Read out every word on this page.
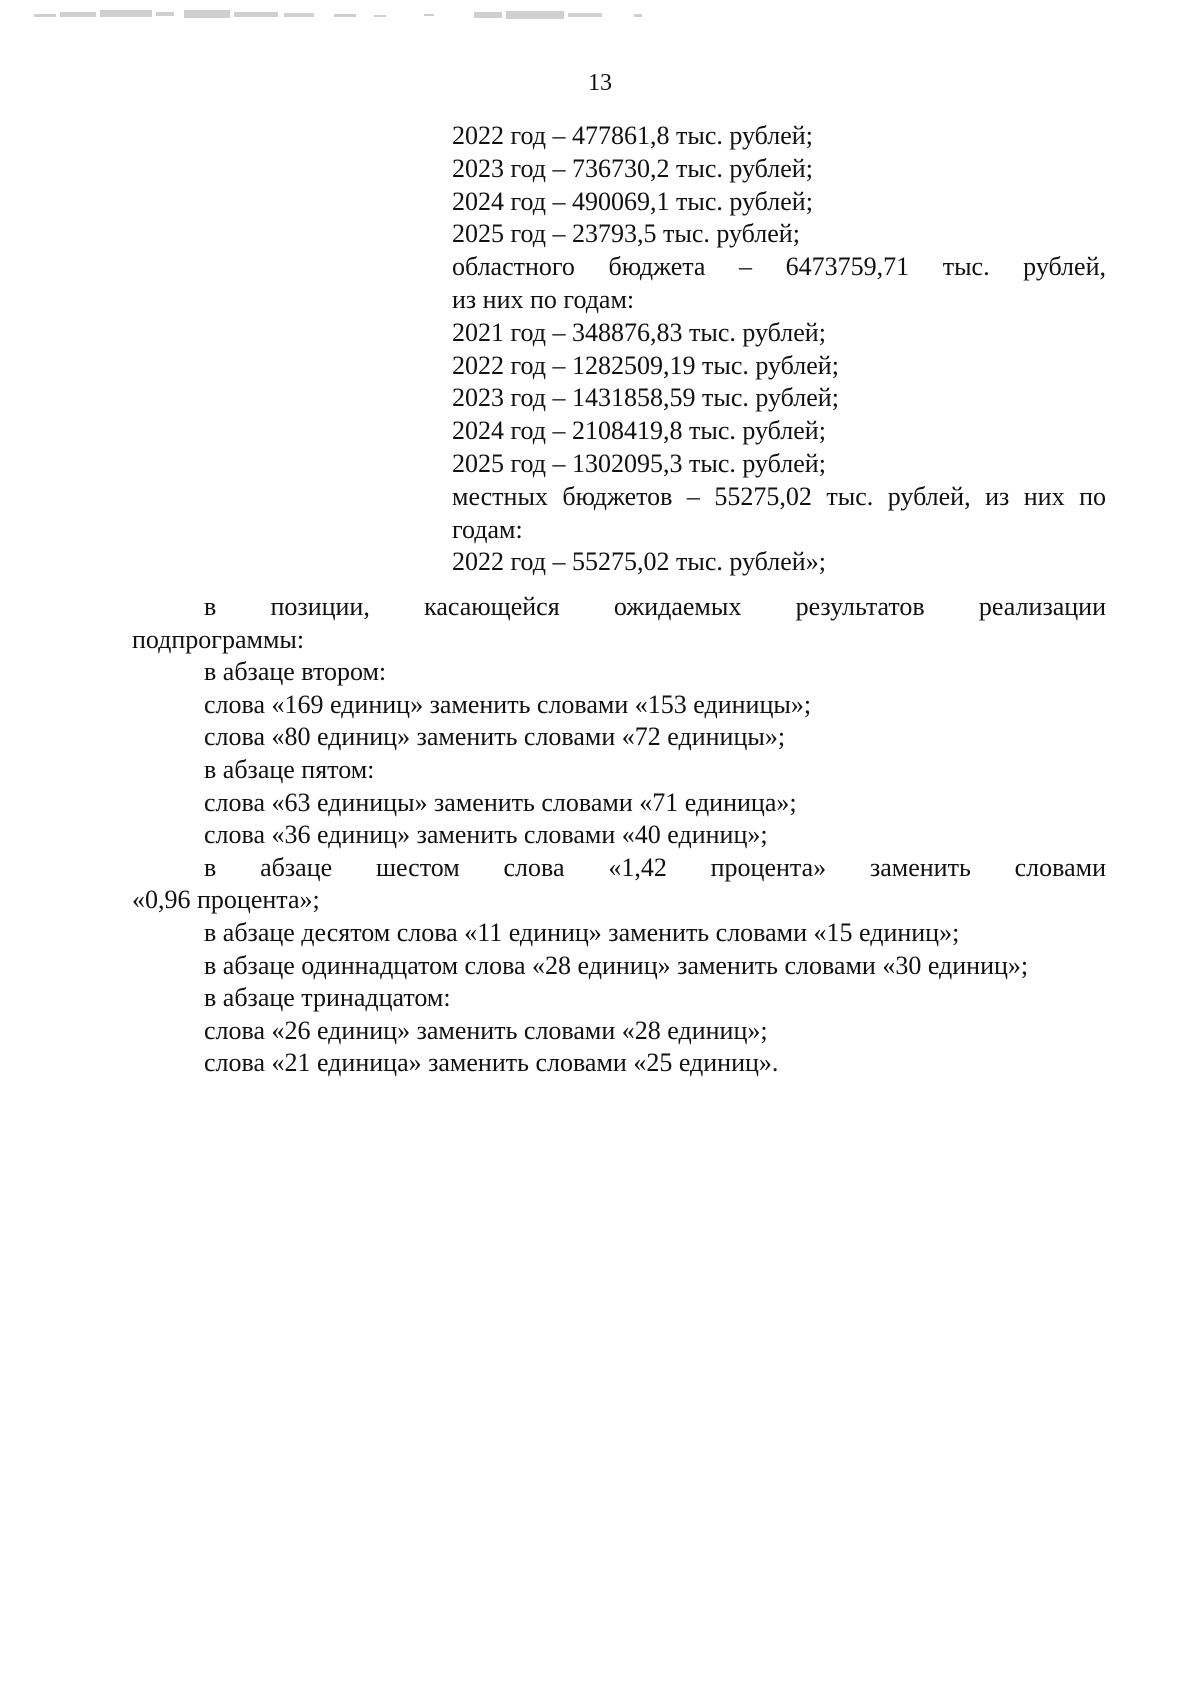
13
2022 год – 477861,8 тыс. рублей;
2023 год – 736730,2 тыс. рублей;
2024 год – 490069,1 тыс. рублей;
2025 год – 23793,5 тыс. рублей;
областного бюджета – 6473759,71 тыс. рублей,
из них по годам:
2021 год – 348876,83 тыс. рублей;
2022 год – 1282509,19 тыс. рублей;
2023 год – 1431858,59 тыс. рублей;
2024 год – 2108419,8 тыс. рублей;
2025 год – 1302095,3 тыс. рублей;
местных бюджетов – 55275,02 тыс. рублей, из них по
годам:
2022 год – 55275,02 тыс. рублей»;
в позиции, касающейся ожидаемых результатов реализации
подпрограммы:
в абзаце втором:
слова «169 единиц» заменить словами «153 единицы»;
слова «80 единиц» заменить словами «72 единицы»;
в абзаце пятом:
слова «63 единицы» заменить словами «71 единица»;
слова «36 единиц» заменить словами «40 единиц»;
в абзаце шестом слова «1,42 процента» заменить словами
«0,96 процента»;
в абзаце десятом слова «11 единиц» заменить словами «15 единиц»;
в абзаце одиннадцатом слова «28 единиц» заменить словами «30 единиц»;
в абзаце тринадцатом:
слова «26 единиц» заменить словами «28 единиц»;
слова «21 единица» заменить словами «25 единиц».
